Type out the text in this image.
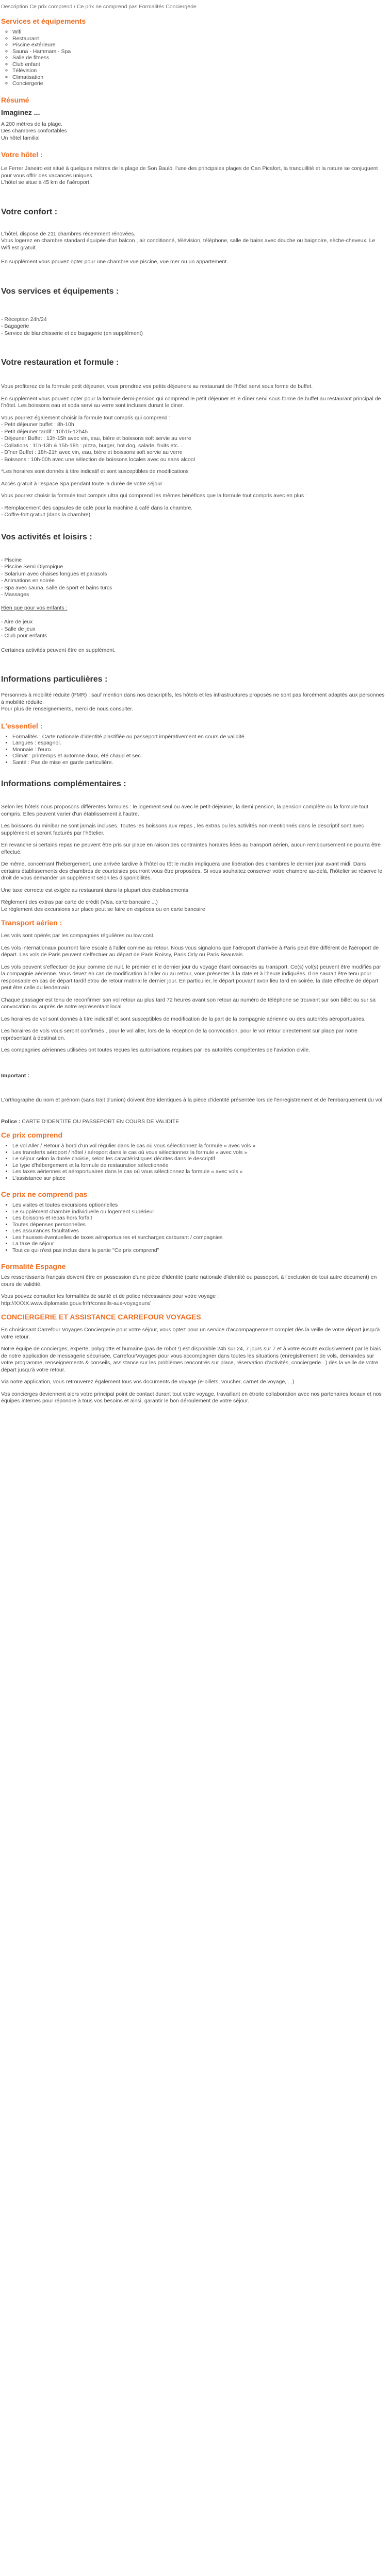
Description Ce prix comprend / Ce prix ne comprend pas Formalités Conciergerie

Services et équipements
◦ Wifi
◦ Restaurant
◦ Piscine extérieure
◦ Sauna - Hammam - Spa
◦ Salle de fitness
◦ Club enfant
◦ Télévision
◦ Climatisation
◦ Conciergerie
Résumé
Imaginez ...

A 200 mètres de la plage.

Des chambres confortables

Un hôtel familial

Votre hôtel :

Le Ferrer Janeiro est situé à quelques mètres de la plage de Son Bauló, l'une des principales plages de Can Picafort, la tranquillité et la nature se conjuguent pour vous offrir des vacances uniques.

L'hôtel se situe à 45 km de l'aéroport.

Votre confort :

L'hôtel, dispose de 211 chambres récemment rénovées.

Vous logerez en chambre standard équipée d'un balcon , air conditionné, télévision, téléphone, salle de bains avec douche ou baignoire, sèche-cheveux. Le Wifi est gratuit.

En supplément vous pouvez opter pour une chambre vue piscine, vue mer ou un appartement.

Vos services et équipements :

- Réception 24h/24

- Bagagerie

- Service de blanchisserie et de bagagerie (en supplément)

Votre restauration et formule :

Vous profiterez de la formule petit déjeuner, vous prendrez vos petits déjeuners au restaurant de l'hôtel servi sous forme de buffet.

En supplément vous pouvez opter pour la formule demi-pension qui comprend le petit déjeuner et le dîner servi sous forme de buffet au restaurant principal de l'hôtel. Les boissons eau et soda servi au verre sont incluses durant le diner.

Vous pourrez également choisir la formule tout compris qui comprend :

- Petit déjeuner buffet : 8h-10h

- Petit déjeuner tardif : 10h15-12h45

- Déjeuner Buffet : 13h-15h avec vin, eau, bière et boissons soft servie au verre

- Collations : 11h-13h & 15h-18h : pizza, burger, hot dog, salade, fruits etc...

- Dîner Buffet : 18h-21h avec vin, eau, bière et boissons soft servie au verre

- Boissons : 10h-00h avec une sélection de boissons locales avec ou sans alcool

*Les horaires sont donnés à titre indicatif et sont susceptibles de modifications

Accès gratuit à l'espace Spa pendant toute la durée de votre séjour

Vous pourrez choisir la formule tout compris ultra qui comprend les mêmes bénéfices que la formule tout compris avec en plus :

- Remplacement des capsules de café pour la machine à café dans la chambre.

- Coffre-fort gratuit (dans la chambre)

Vos activités et loisirs :

- Piscine

- Piscine Semi Olympique

- Solarium avec chaises longues et parasols

- Animations en soirée

- Spa avec sauna, salle de sport et bains turcs

- Massages

Rien que pour vos enfants :

- Aire de jeux

- Salle de jeux

- Club pour enfants

Certaines activités peuvent être en supplément.

Informations particulières :

Personnes à mobilité réduite (PMR) : sauf mention dans nos descriptifs, les hôtels et les infrastructures proposés ne sont pas forcément adaptés aux personnes à mobilité réduite.

Pour plus de renseignements, merci de nous consulter.

L'essentiel :
• Formalités : Carte nationale d'identité plastifiée ou passeport impérativement en cours de validité.
• Langues : espagnol.
• Monnaie : l'euro.
• Climat : printemps et automne doux, été chaud et sec.
• Santé : Pas de mise en garde particulière.
Informations complémentaires :

Selon les hôtels nous proposons différentes formules : le logement seul ou avec le petit-déjeuner, la demi pension, la pension complète ou la formule tout compris. Elles peuvent varier d'un établissement à l'autre.

Les boissons du minibar ne sont jamais incluses. Toutes les boissons aux repas , les extras ou les activités non mentionnés dans le descriptif sont avec supplément et seront facturés par l'hôtelier.

En revanche si certains repas ne peuvent être pris sur place en raison des contraintes horaires liées au transport aérien, aucun remboursement ne pourra être effectué.

De même, concernant l'hébergement, une arrivée tardive à l'hôtel ou tôt le matin impliquera une libération des chambres le dernier jour avant midi. Dans certains établissements des chambres de courtoisies pourront vous être proposées. Si vous souhaitez conserver votre chambre au-delà, l'hôtelier se réserve le droit de vous demander un supplément selon les disponibilités.

Une taxe correcte est exigée au restaurant dans la plupart des établissements.

Règlement des extras par carte de crédit (Visa, carte bancaire ...)

Le règlement des excursions sur place peut se faire en espèces ou en carte bancaire

Transport aérien :

Les vols sont opérés par les compagnies régulières ou low cost.

Les vols internationaux pourront faire escale à l'aller comme au retour. Nous vous signalons que l'aéroport d'arrivée à Paris peut être différent de l'aéroport de départ. Les vols de Paris peuvent s'effectuer au départ de Paris Roissy, Paris Orly ou Paris Beauvais.

Les vols peuvent s'effectuer de jour comme de nuit, le premier et le dernier jour du voyage étant consacrés au transport. Ce(s) vol(s) peuvent être modifiés par la compagnie aérienne. Vous devez en cas de modification à l'aller ou au retour, vous présenter à la date et à l'heure indiquées. Il ne saurait être tenu pour responsable en cas de départ tardif et/ou de retour matinal le dernier jour. En particulier, le départ pouvant avoir lieu tard en soirée, la date effective de départ peut être celle du lendemain.

Chaque passager est tenu de reconfirmer son vol retour au plus tard 72 heures avant son retour au numéro de téléphone se trouvant sur son billet ou sur sa convocation ou auprès de notre représentant local.

Les horaires de vol sont donnés à titre indicatif et sont susceptibles de modification de la part de la compagnie aérienne ou des autorités aéroportuaires.

Les horaires de vols vous seront confirmés , pour le vol aller, lors de la réception de la convocation, pour le vol retour directement sur place par notre représentant à destination.

Les compagnies aériennes utilisées ont toutes reçues les autorisations requises par les autorités compétentes de l'aviation civile.

Important :

L'orthographe du nom et prénom (sans trait d'union) doivent être identiques à la pièce d'identité présentée lors de l'enregistrement et de l'embarquement du vol.

Police : CARTE D'IDENTITE OU PASSEPORT EN COURS DE VALIDITE

Ce prix comprend
• Le vol Aller / Retour à bord d'un vol régulier dans le cas où vous sélectionnez la formule « avec vols »
• Les transferts aéroport / hôtel / aéroport dans le cas où vous sélectionnez la formule « avec vols »
• Le séjour selon la durée choisie, selon les caractéristiques décrites dans le descriptif
• Le type d'hébergement et la formule de restauration sélectionnée
• Les taxes aériennes et aéroportuaires dans le cas où vous sélectionnez la formule « avec vols »
• L'assistance sur place
Ce prix ne comprend pas
• Les visites et toutes excursions optionnelles
• Le supplément chambre individuelle ou logement supérieur
• Les boissons et repas hors forfait
• Toutes dépenses personnelles
• Les assurances facultatives
• Les hausses éventuelles de taxes aéroportuaires et surcharges carburant / compagnies
• La taxe de séjour
• Tout ce qui n'est pas inclus dans la partie "Ce prix comprend"
Formalité Espagne

Les ressortissants français doivent être en possession d'une pièce d'identité (carte nationale d'identité ou passeport, à l'exclusion de tout autre document) en cours de validité.

Vous pouvez consulter les formalités de santé et de police nécessaires pour votre voyage :

http://XXXX.www.diplomatie.gouv.fr/fr/conseils-aux-voyageurs/

CONCIERGERIE ET ASSISTANCE CARREFOUR VOYAGES

En choisissant Carrefour Voyages Conciergerie pour votre séjour, vous optez pour un service d'accompagnement complet dès la veille de votre départ jusqu'à votre retour.

Notre équipe de concierges, experte, polyglotte et humaine (pas de robot !) est disponible 24h sur 24, 7 jours sur 7 et à votre écoute exclusivement par le biais de notre application de messagerie sécurisée, CarrefourVoyages pour vous accompagner dans toutes les situations (enregistrement de vols, demandes sur votre programme, renseignements & conseils, assistance sur les problèmes rencontrés sur place, réservation d'activités, conciergerie...) dès la veille de votre départ jusqu'à votre retour.

Via notre application, vous retrouverez également tous vos documents de voyage (e-billets, voucher, carnet de voyage, ...)

Vos concierges deviennent alors votre principal point de contact durant tout votre voyage, travaillant en étroite collaboration avec nos partenaires locaux et nos équipes internes pour répondre à tous vos besoins et ainsi, garantir le bon déroulement de votre séjour.
